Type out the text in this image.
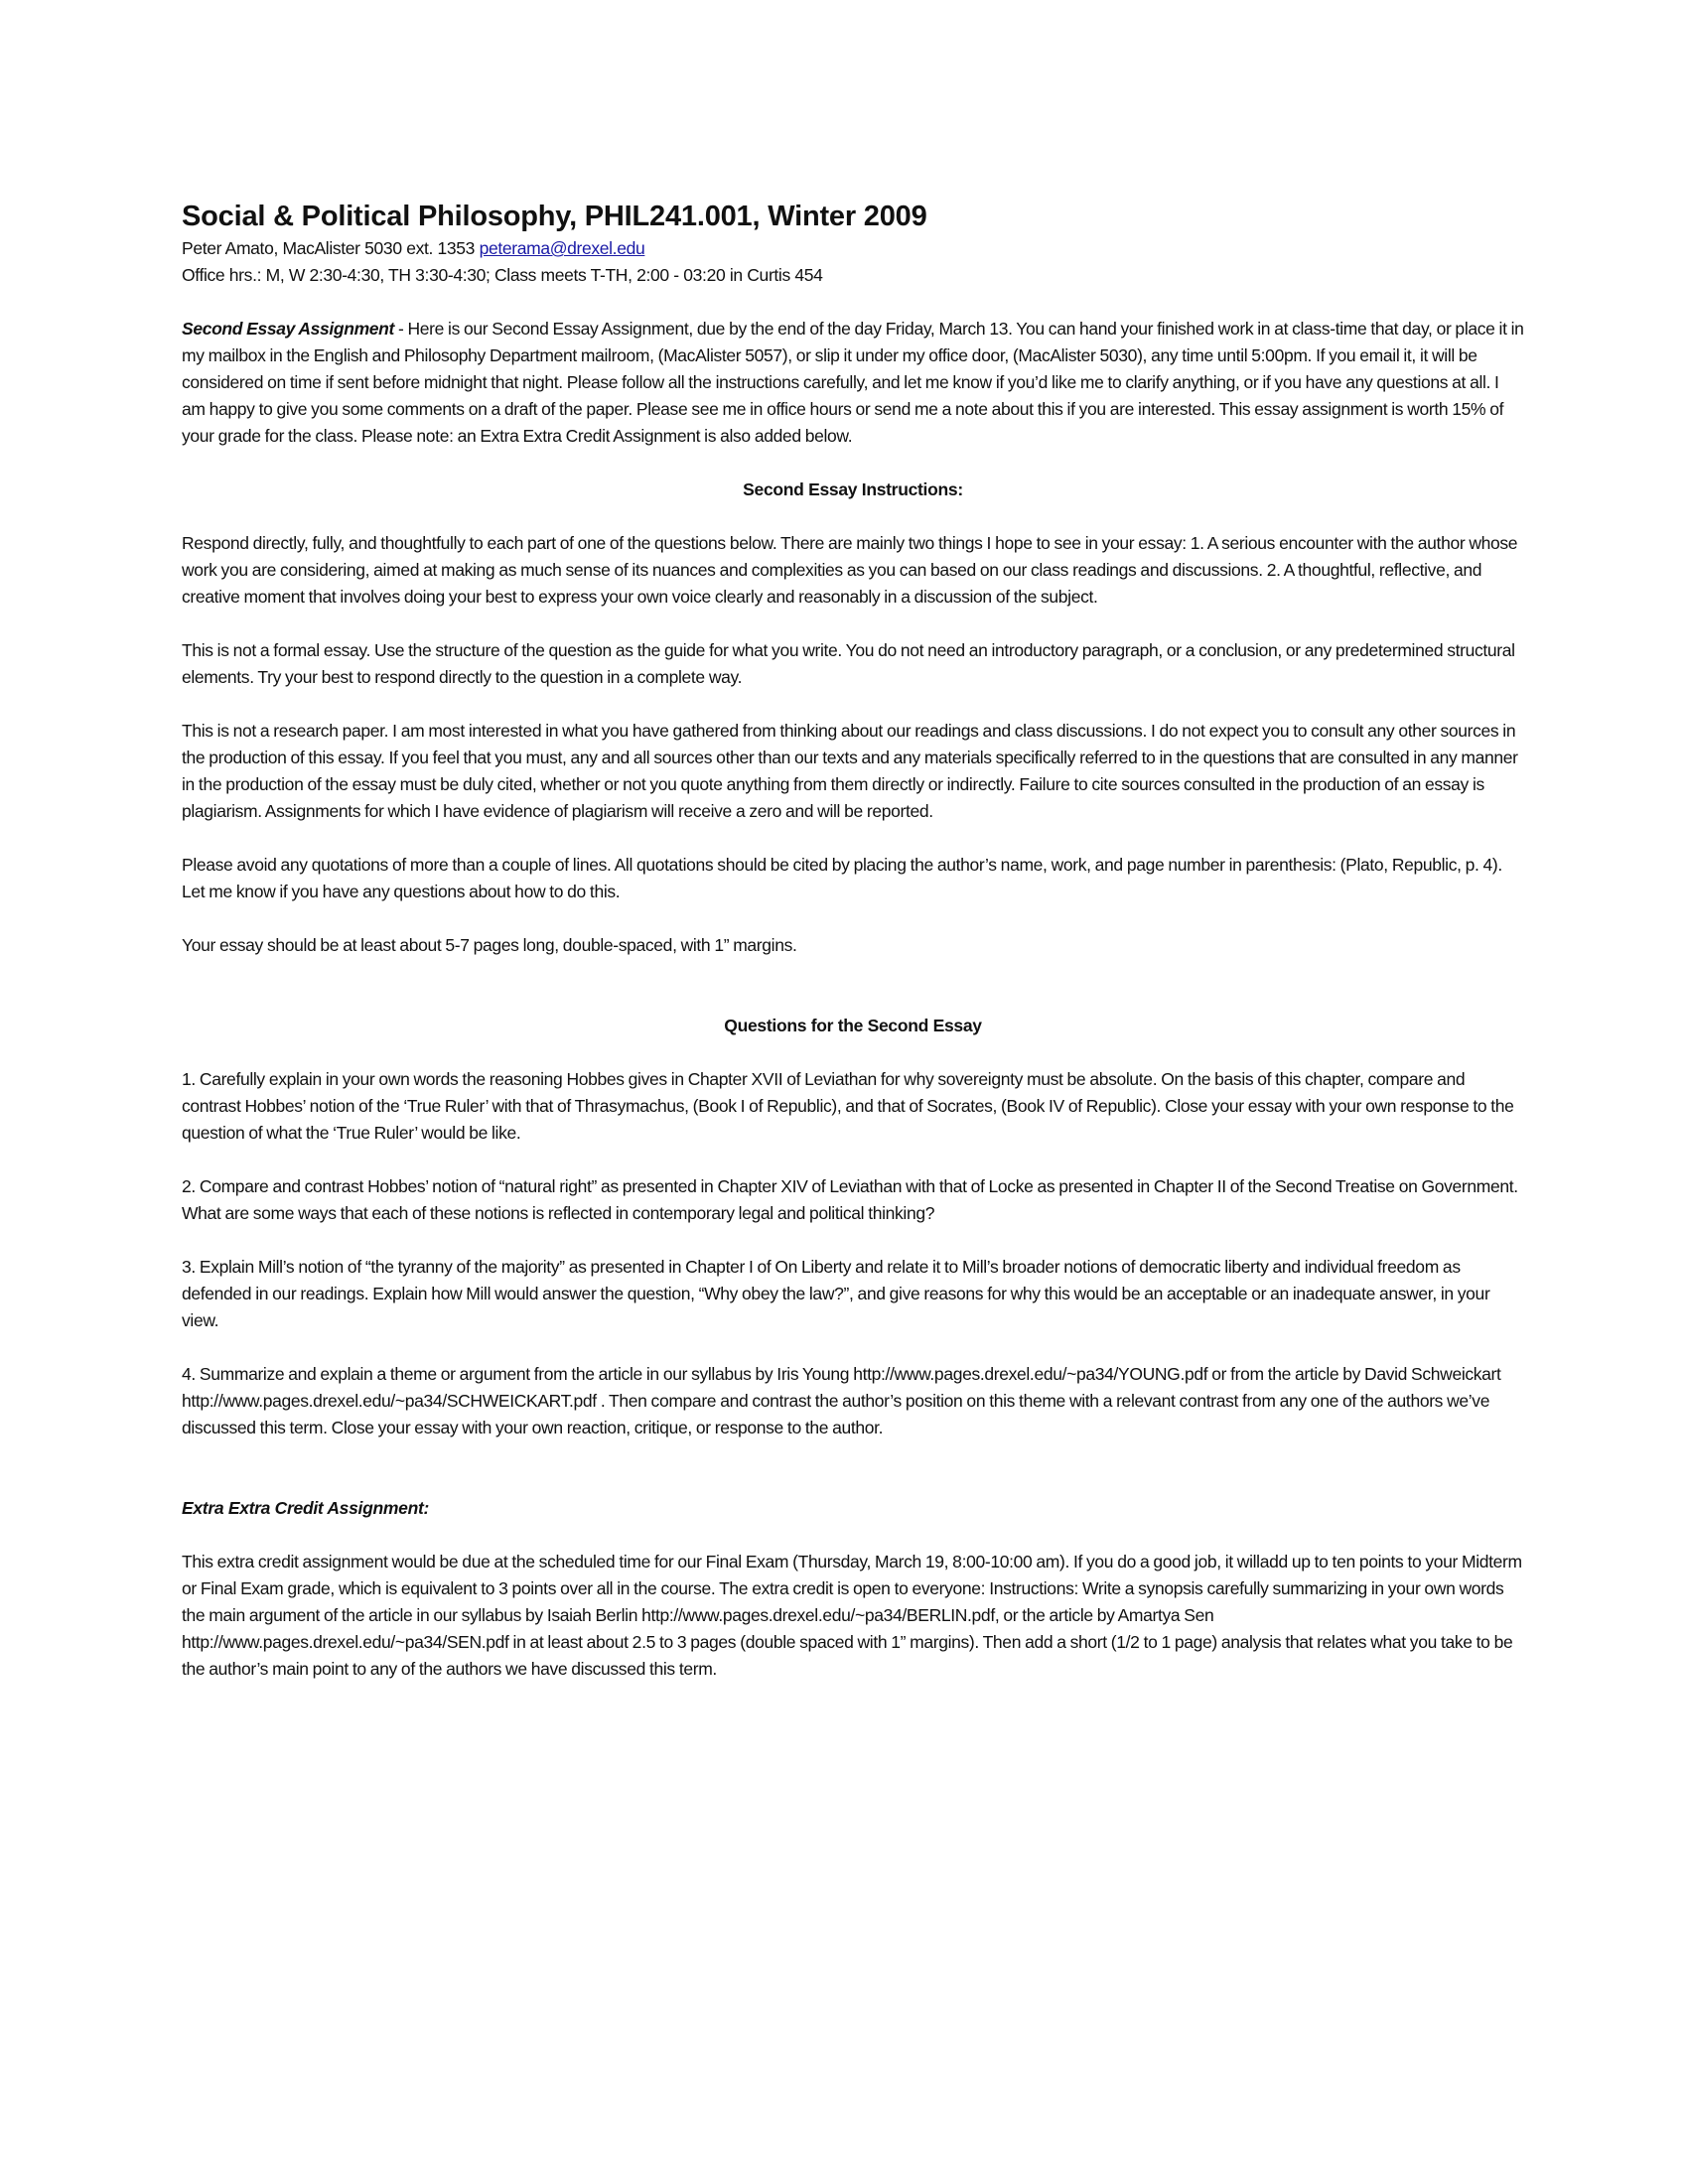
Social & Political Philosophy, PHIL241.001, Winter 2009

Peter Amato, MacAlister 5030 ext. 1353 peterama@drexel.edu

Office hrs.: M, W 2:30-4:30, TH 3:30-4:30; Class meets T-TH, 2:00 - 03:20 in Curtis 454

Second Essay Assignment - Here is our Second Essay Assignment, due by the end of the day Friday, March 13. You can hand your finished work in at class-time that day, or place it in my mailbox in the English and Philosophy Department mailroom, (MacAlister 5057), or slip it under my office door, (MacAlister 5030), any time until 5:00pm. If you email it, it will be considered on time if sent before midnight that night. Please follow all the instructions carefully, and let me know if you’d like me to clarify anything, or if you have any questions at all. I am happy to give you some comments on a draft of the paper. Please see me in office hours or send me a note about this if you are interested. This essay assignment is worth 15% of your grade for the class. Please note: an Extra Extra Credit Assignment is also added below.

Second Essay Instructions:

Respond directly, fully, and thoughtfully to each part of one of the questions below. There are mainly two things I hope to see in your essay: 1. A serious encounter with the author whose work you are considering, aimed at making as much sense of its nuances and complexities as you can based on our class readings and discussions. 2. A thoughtful, reflective, and creative moment that involves doing your best to express your own voice clearly and reasonably in a discussion of the subject.

This is not a formal essay. Use the structure of the question as the guide for what you write. You do not need an introductory paragraph, or a conclusion, or any predetermined structural elements. Try your best to respond directly to the question in a complete way.

This is not a research paper. I am most interested in what you have gathered from thinking about our readings and class discussions. I do not expect you to consult any other sources in the production of this essay. If you feel that you must, any and all sources other than our texts and any materials specifically referred to in the questions that are consulted in any manner in the production of the essay must be duly cited, whether or not you quote anything from them directly or indirectly. Failure to cite sources consulted in the production of an essay is plagiarism. Assignments for which I have evidence of plagiarism will receive a zero and will be reported.

Please avoid any quotations of more than a couple of lines. All quotations should be cited by placing the author’s name, work, and page number in parenthesis: (Plato, Republic, p. 4). Let me know if you have any questions about how to do this.

Your essay should be at least about 5-7 pages long, double-spaced, with 1” margins.

Questions for the Second Essay

1. Carefully explain in your own words the reasoning Hobbes gives in Chapter XVII of Leviathan for why sovereignty must be absolute. On the basis of this chapter, compare and contrast Hobbes’ notion of the ‘True Ruler’ with that of Thrasymachus, (Book I of Republic), and that of Socrates, (Book IV of Republic). Close your essay with your own response to the question of what the ‘True Ruler’ would be like.

2. Compare and contrast Hobbes’ notion of “natural right” as presented in Chapter XIV of Leviathan with that of Locke as presented in Chapter II of the Second Treatise on Government. What are some ways that each of these notions is reflected in contemporary legal and political thinking?

3. Explain Mill’s notion of “the tyranny of the majority” as presented in Chapter I of On Liberty and relate it to Mill’s broader notions of democratic liberty and individual freedom as defended in our readings. Explain how Mill would answer the question, “Why obey the law?”, and give reasons for why this would be an acceptable or an inadequate answer, in your view.

4. Summarize and explain a theme or argument from the article in our syllabus by Iris Young http://www.pages.drexel.edu/~pa34/YOUNG.pdf or from the article by David Schweickart http://www.pages.drexel.edu/~pa34/SCHWEICKART.pdf . Then compare and contrast the author’s position on this theme with a relevant contrast from any one of the authors we’ve discussed this term. Close your essay with your own reaction, critique, or response to the author.

Extra Extra Credit Assignment:

This extra credit assignment would be due at the scheduled time for our Final Exam (Thursday, March 19, 8:00-10:00 am). If you do a good job, it willadd up to ten points to your Midterm or Final Exam grade, which is equivalent to 3 points over all in the course. The extra credit is open to everyone: Instructions: Write a synopsis carefully summarizing in your own words the main argument of the article in our syllabus by Isaiah Berlin http://www.pages.drexel.edu/~pa34/BERLIN.pdf, or the article by Amartya Sen http://www.pages.drexel.edu/~pa34/SEN.pdf in at least about 2.5 to 3 pages (double spaced with 1” margins). Then add a short (1/2 to 1 page) analysis that relates what you take to be the author’s main point to any of the authors we have discussed this term.
